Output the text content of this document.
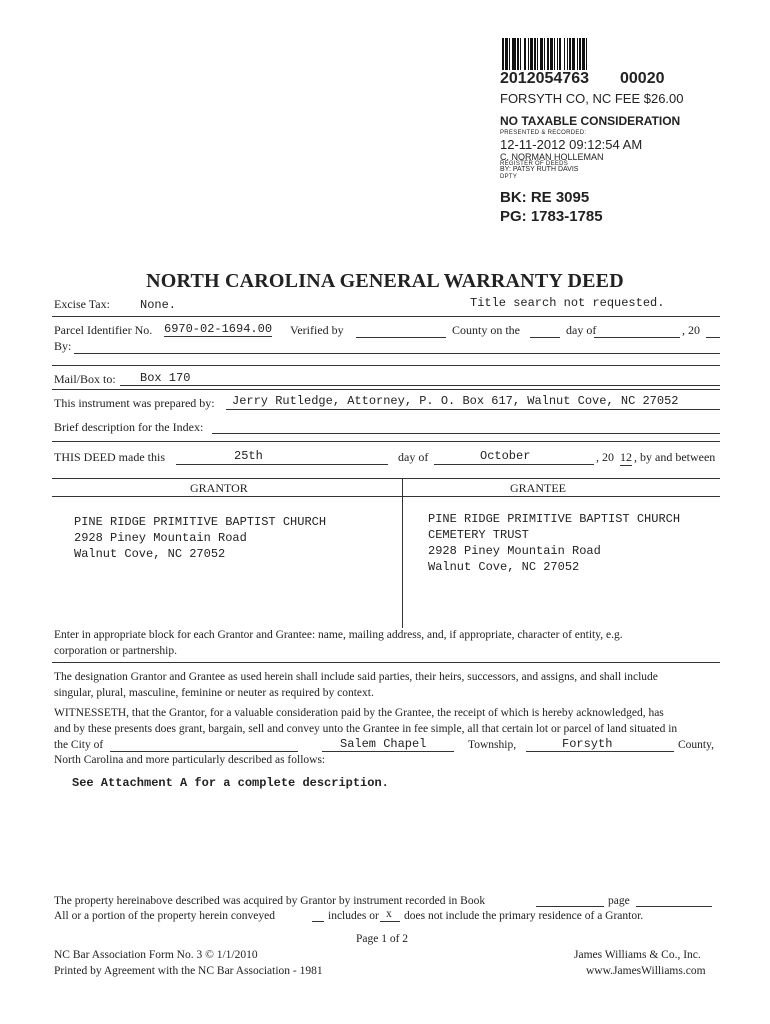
2012054763 00020
FORSYTH CO, NC FEE $26.00
NO TAXABLE CONSIDERATION
PRESENTED & RECORDED:
12-11-2012 09:12:54 AM
C. NORMAN HOLLEMAN
REGISTER OF DEEDS
BY: PATSY RUTH DAVIS
DPTY
BK: RE 3095
PG: 1783-1785
NORTH CAROLINA GENERAL WARRANTY DEED
Excise Tax:	None.	Title search not requested.
Parcel Identifier No. 6970-02-1694.00 Verified by	County on the	day of	, 20
By:
Mail/Box to: Box 170
This instrument was prepared by: Jerry Rutledge, Attorney, P. O. Box 617, Walnut Cove, NC 27052
Brief description for the Index:
THIS DEED made this	25th	day of	October	, 20 12 , by and between
GRANTOR	GRANTEE
PINE RIDGE PRIMITIVE BAPTIST CHURCH
2928 Piney Mountain Road
Walnut Cove, NC 27052
PINE RIDGE PRIMITIVE BAPTIST CHURCH
CEMETERY TRUST
2928 Piney Mountain Road
Walnut Cove, NC 27052
Enter in appropriate block for each Grantor and Grantee: name, mailing address, and, if appropriate, character of entity, e.g.
corporation or partnership.
The designation Grantor and Grantee as used herein shall include said parties, their heirs, successors, and assigns, and shall include
singular, plural, masculine, feminine or neuter as required by context.
WITNESSETH, that the Grantor, for a valuable consideration paid by the Grantee, the receipt of which is hereby acknowledged, has
and by these presents does grant, bargain, sell and convey unto the Grantee in fee simple, all that certain lot or parcel of land situated in
the City of	Salem Chapel	Township,	Forsyth	County,
North Carolina and more particularly described as follows:
See Attachment A for a complete description.
The property hereinabove described was acquired by Grantor by instrument recorded in Book	page
All or a portion of the property herein conveyed	includes or x does not include the primary residence of a Grantor.
Page 1 of 2
NC Bar Association Form No. 3 © 1/1/2010
Printed by Agreement with the NC Bar Association - 1981
James Williams & Co., Inc.
www.JamesWilliams.com
